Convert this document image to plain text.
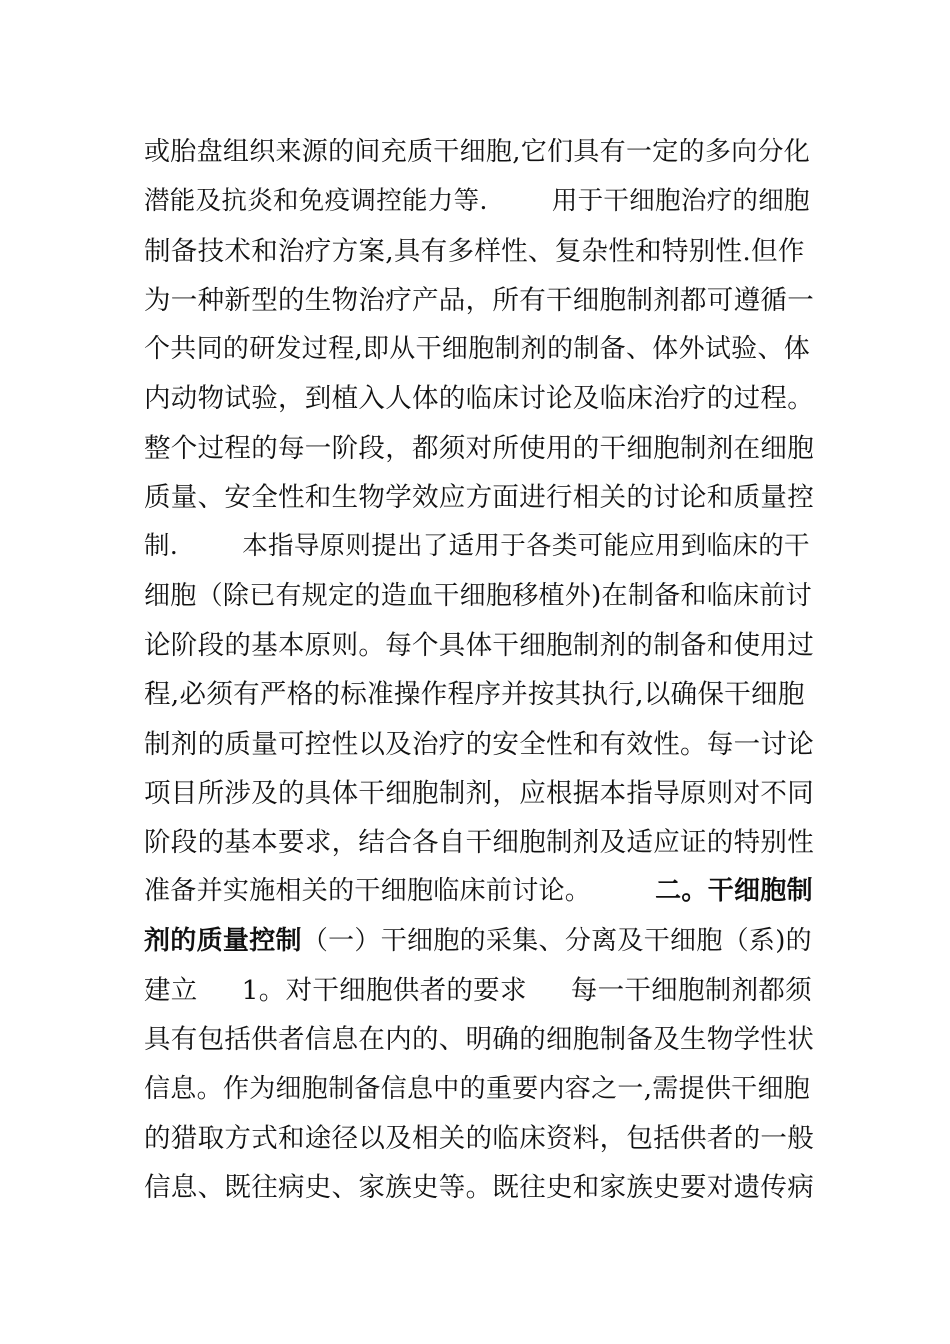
或胎盘组织来源的间充质干细胞,它们具有一定的多向分化
潜能及抗炎和免疫调控能力等.	用于干细胞治疗的细胞
制备技术和治疗方案,具有多样性、复杂性和特别性.但作
为一种新型的生物治疗产品，所有干细胞制剂都可遵循一
个共同的研发过程,即从干细胞制剂的制备、体外试验、体
内动物试验，到植入人体的临床讨论及临床治疗的过程。
整个过程的每一阶段，都须对所使用的干细胞制剂在细胞
质量、安全性和生物学效应方面进行相关的讨论和质量控
制.	本指导原则提出了适用于各类可能应用到临床的干
细胞（除已有规定的造血干细胞移植外)在制备和临床前讨
论阶段的基本原则。每个具体干细胞制剂的制备和使用过
程,必须有严格的标准操作程序并按其执行,以确保干细胞
制剂的质量可控性以及治疗的安全性和有效性。每一讨论
项目所涉及的具体干细胞制剂，应根据本指导原则对不同
阶段的基本要求，结合各自干细胞制剂及适应证的特别性
准备并实施相关的干细胞临床前讨论。 二。干细胞制
剂的质量控制（一）干细胞的采集、分离及干细胞（系)的
建立 1。对干细胞供者的要求 每一干细胞制剂都须
具有包括供者信息在内的、明确的细胞制备及生物学性状
信息。作为细胞制备信息中的重要内容之一,需提供干细胞
的猎取方式和途径以及相关的临床资料，包括供者的一般
信息、既往病史、家族史等。既往史和家族史要对遗传病
